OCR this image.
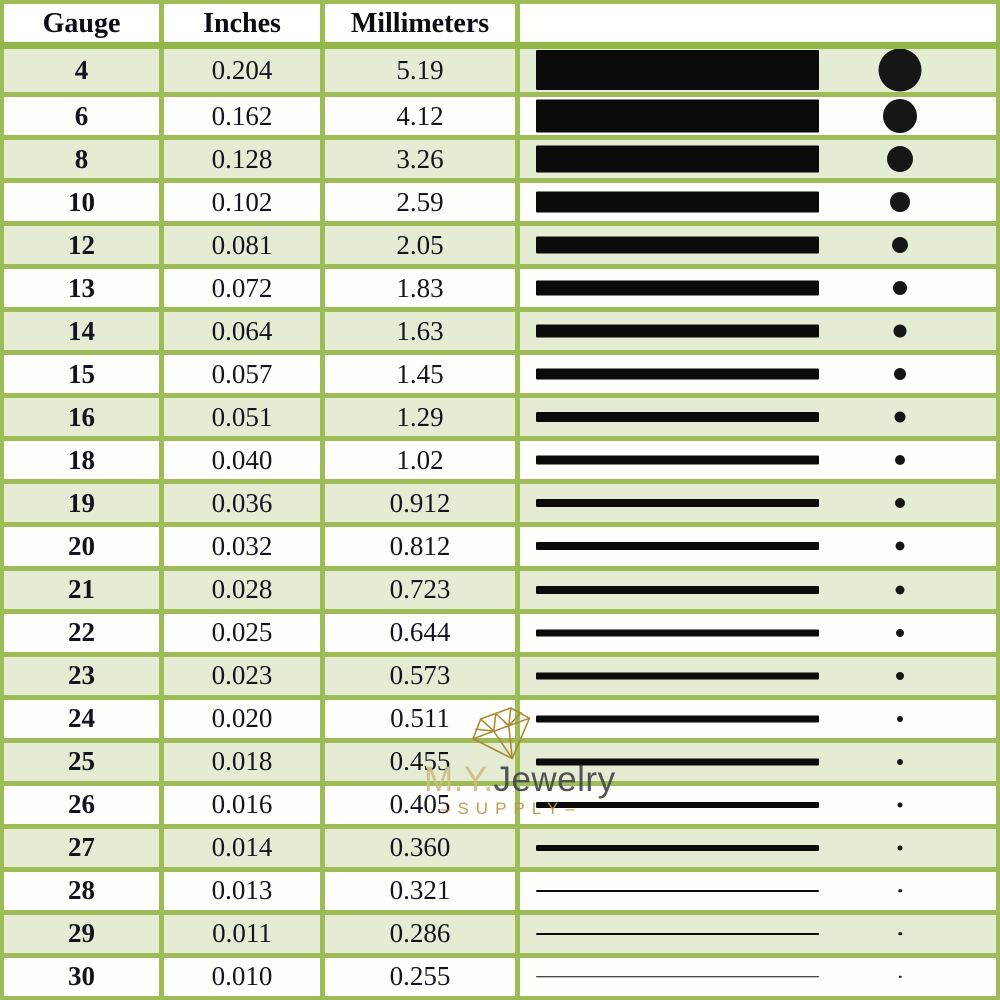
Gauge	Inches	Millimeters
4	0.204	5.19
6	0.162	4.12
8	0.128	3.26
10	0.102	2.59
12	0.081	2.05
13	0.072	1.83
14	0.064	1.63
15	0.057	1.45
16	0.051	1.29
18	0.040	1.02
19	0.036	0.912
20	0.032	0.812
21	0.028	0.723
22	0.025	0.644
23	0.023	0.573
24	0.020	0.511
25	0.018	0.455
26	0.016	0.405
27	0.014	0.360
28	0.013	0.321
29	0.011	0.286
30	0.010	0.255
M.Y.Jewelry
–SUPPLY–
